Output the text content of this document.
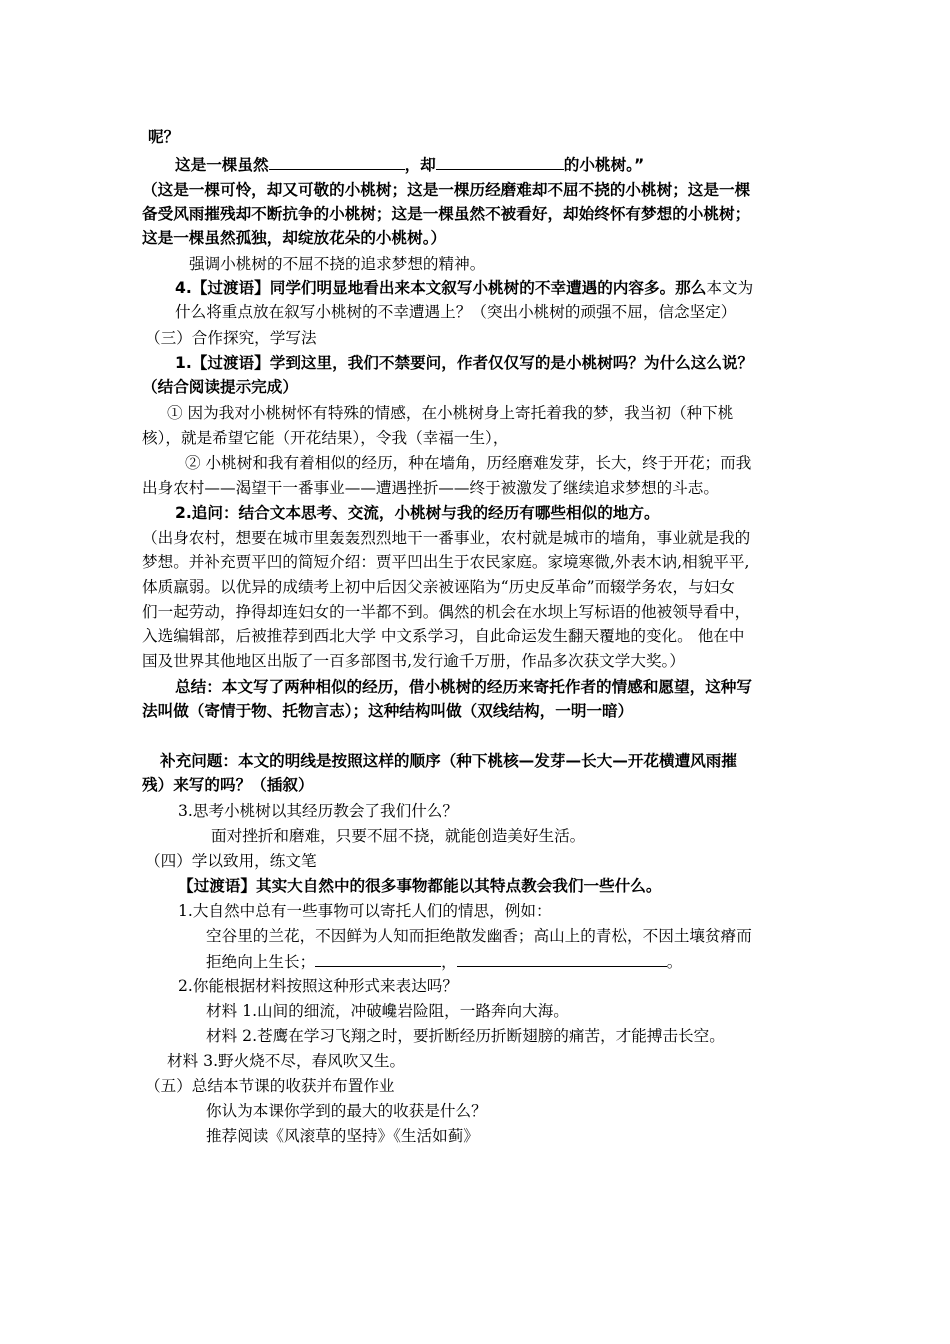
呢？
这是一棵虽然	，却	的小桃树。”
（这是一棵可怜，却又可敬的小桃树；这是一棵历经磨难却不屈不挠的小桃树；这是一棵
备受风雨摧残却不断抗争的小桃树；这是一棵虽然不被看好，却始终怀有梦想的小桃树；
这是一棵虽然孤独，却绽放花朵的小桃树。）
强调小桃树的不屈不挠的追求梦想的精神。
4.【过渡语】同学们明显地看出来本文叙写小桃树的不幸遭遇的内容多。那么本文为
什么将重点放在叙写小桃树的不幸遭遇上？（突出小桃树的顽强不屈，信念坚定）
（三）合作探究，学写法
1.【过渡语】学到这里，我们不禁要问，作者仅仅写的是小桃树吗？为什么这么说？
（结合阅读提示完成）
① 因为我对小桃树怀有特殊的情感，在小桃树身上寄托着我的梦，我当初（种下桃
核），就是希望它能（开花结果），令我（幸福一生），
② 小桃树和我有着相似的经历，种在墙角，历经磨难发芽，长大，终于开花；而我
出身农村——渴望干一番事业——遭遇挫折——终于被激发了继续追求梦想的斗志。
2.追问：结合文本思考、交流，小桃树与我的经历有哪些相似的地方。
（出身农村，想要在城市里轰轰烈烈地干一番事业，农村就是城市的墙角，事业就是我的
梦想。并补充贾平凹的简短介绍：贾平凹出生于农民家庭。家境寒微,外表木讷,相貌平平,
体质羸弱。以优异的成绩考上初中后因父亲被诬陷为“历史反革命”而辍学务农，与妇女
们一起劳动，挣得却连妇女的一半都不到。偶然的机会在水坝上写标语的他被领导看中，
入选编辑部，后被推荐到西北大学 中文系学习，自此命运发生翻天覆地的变化。 他在中
国及世界其他地区出版了一百多部图书,发行逾千万册，作品多次获文学大奖。）
总结：本文写了两种相似的经历，借小桃树的经历来寄托作者的情感和愿望，这种写
法叫做（寄情于物、托物言志）；这种结构叫做（双线结构，一明一暗）
补充问题：本文的明线是按照这样的顺序（种下桃核—发芽—长大—开花横遭风雨摧
残）来写的吗？（插叙）
3.思考小桃树以其经历教会了我们什么？
面对挫折和磨难，只要不屈不挠，就能创造美好生活。
（四）学以致用，练文笔
【过渡语】其实大自然中的很多事物都能以其特点教会我们一些什么。
1.大自然中总有一些事物可以寄托人们的情思，例如：
空谷里的兰花，不因鲜为人知而拒绝散发幽香；高山上的青松，不因土壤贫瘠而
拒绝向上生长；	，	。
2.你能根据材料按照这种形式来表达吗？
材料 1.山间的细流，冲破巉岩险阻，一路奔向大海。
材料 2.苍鹰在学习飞翔之时，要折断经历折断翅膀的痛苦，才能搏击长空。
材料 3.野火烧不尽，春风吹又生。
（五）总结本节课的收获并布置作业
你认为本课你学到的最大的收获是什么？
推荐阅读《风滚草的坚持》《生活如蓟》
